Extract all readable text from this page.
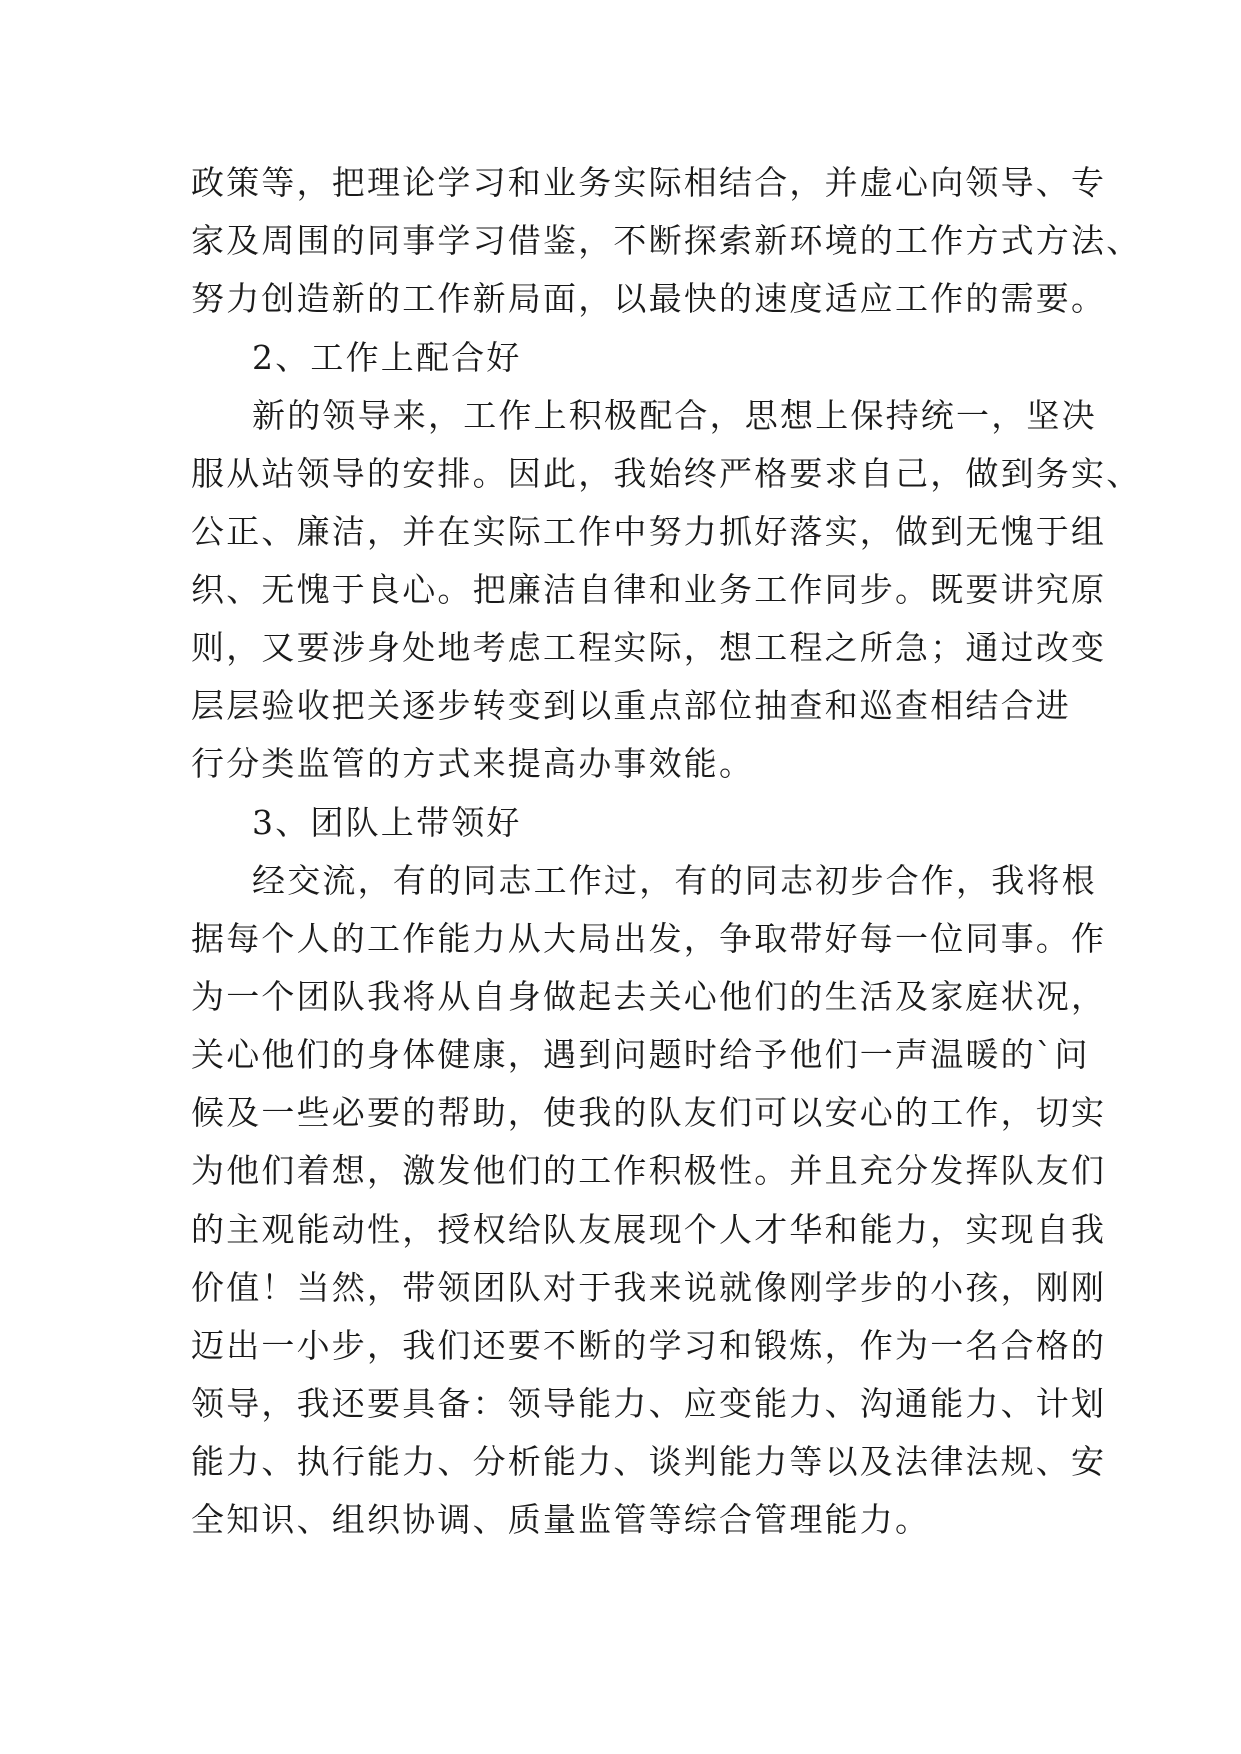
政策等，把理论学习和业务实际相结合，并虚心向领导、专
家及周围的同事学习借鉴，不断探索新环境的工作方式方法、
努力创造新的工作新局面，以最快的速度适应工作的需要。
2、工作上配合好
新的领导来，工作上积极配合，思想上保持统一，坚决
服从站领导的安排。因此，我始终严格要求自己，做到务实、
公正、廉洁，并在实际工作中努力抓好落实，做到无愧于组
织、无愧于良心。把廉洁自律和业务工作同步。既要讲究原
则，又要涉身处地考虑工程实际，想工程之所急；通过改变
层层验收把关逐步转变到以重点部位抽查和巡查相结合进
行分类监管的方式来提高办事效能。
3、团队上带领好
经交流，有的同志工作过，有的同志初步合作，我将根
据每个人的工作能力从大局出发，争取带好每一位同事。作
为一个团队我将从自身做起去关心他们的生活及家庭状况，
关心他们的身体健康，遇到问题时给予他们一声温暖的`问
候及一些必要的帮助，使我的队友们可以安心的工作，切实
为他们着想，激发他们的工作积极性。并且充分发挥队友们
的主观能动性，授权给队友展现个人才华和能力，实现自我
价值！当然，带领团队对于我来说就像刚学步的小孩，刚刚
迈出一小步，我们还要不断的学习和锻炼，作为一名合格的
领导，我还要具备：领导能力、应变能力、沟通能力、计划
能力、执行能力、分析能力、谈判能力等以及法律法规、安
全知识、组织协调、质量监管等综合管理能力。
